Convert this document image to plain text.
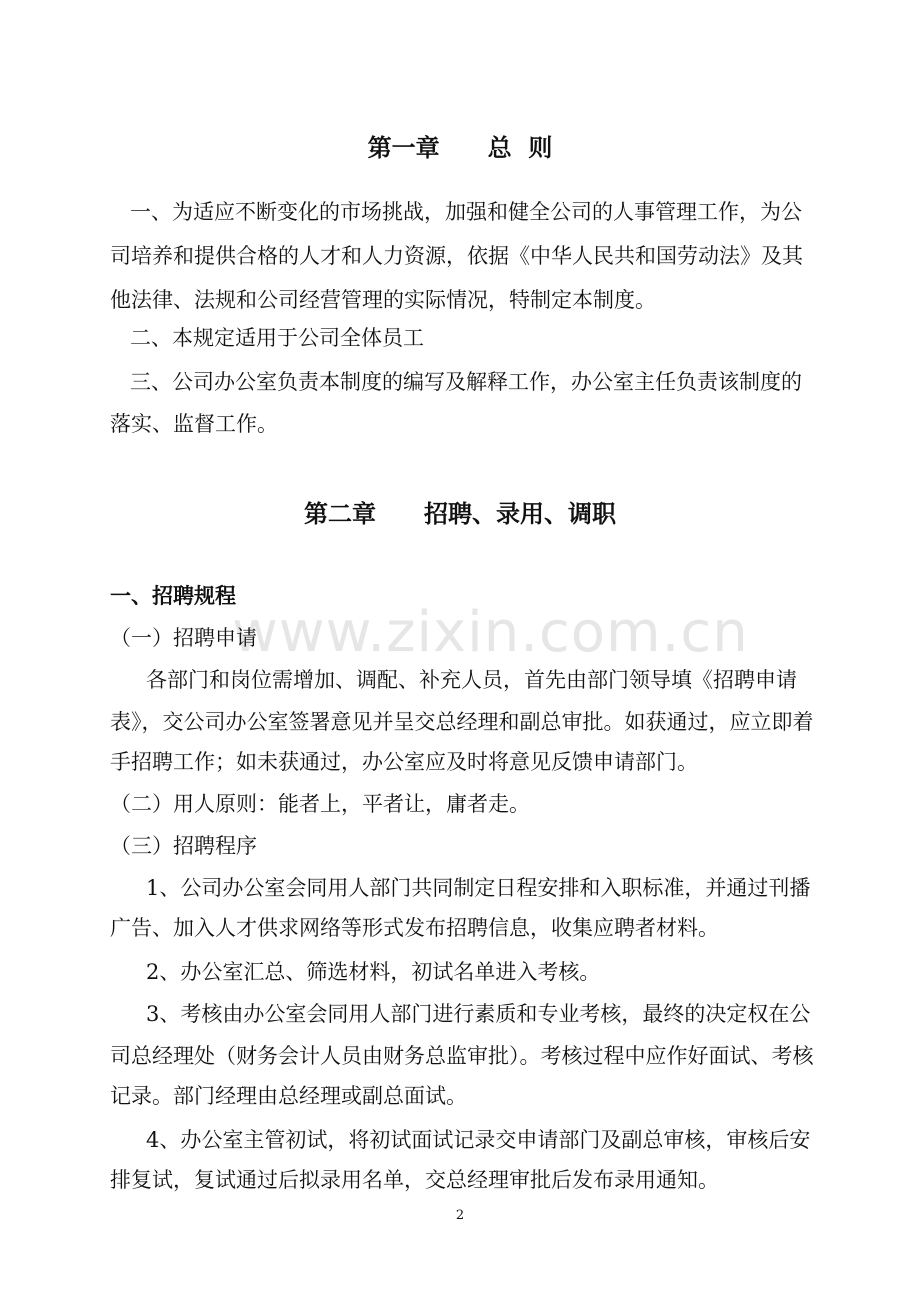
www.zixin.com.cn
第一章 总  则
一、为适应不断变化的市场挑战，加强和健全公司的人事管理工作，为公
司培养和提供合格的人才和人力资源，依据《中华人民共和国劳动法》及其
他法律、法规和公司经营管理的实际情况，特制定本制度。
二、本规定适用于公司全体员工
三、公司办公室负责本制度的编写及解释工作，办公室主任负责该制度的
落实、监督工作。
第二章 招聘、录用、调职
一、招聘规程
（一）招聘申请
各部门和岗位需增加、调配、补充人员，首先由部门领导填《招聘申请
表》，交公司办公室签署意见并呈交总经理和副总审批。如获通过，应立即着
手招聘工作；如未获通过，办公室应及时将意见反馈申请部门。
（二）用人原则：能者上，平者让，庸者走。
（三）招聘程序
1、公司办公室会同用人部门共同制定日程安排和入职标准，并通过刊播
广告、加入人才供求网络等形式发布招聘信息，收集应聘者材料。
2、办公室汇总、筛选材料，初试名单进入考核。
3、考核由办公室会同用人部门进行素质和专业考核，最终的决定权在公
司总经理处（财务会计人员由财务总监审批）。考核过程中应作好面试、考核
记录。部门经理由总经理或副总面试。
4、办公室主管初试，将初试面试记录交申请部门及副总审核，审核后安
排复试，复试通过后拟录用名单，交总经理审批后发布录用通知。
2
